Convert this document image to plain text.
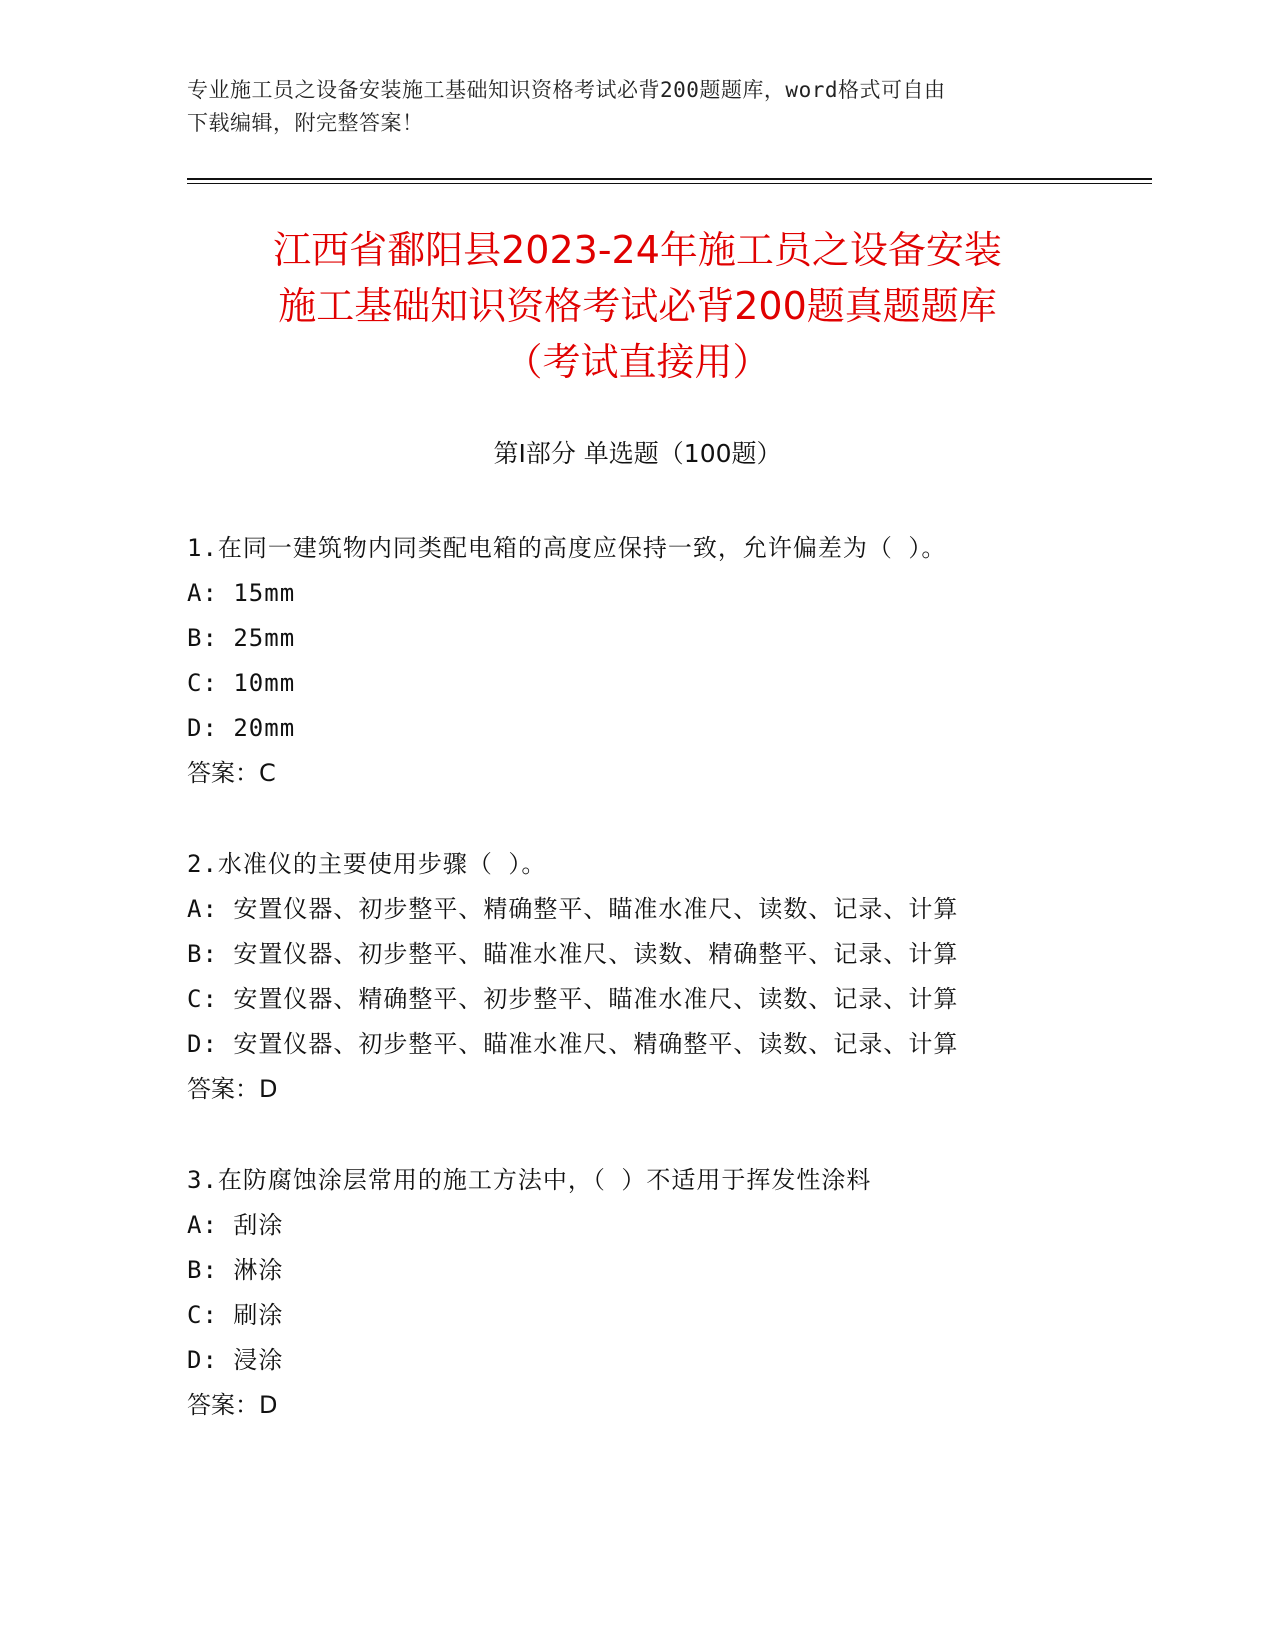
专业施工员之设备安装施工基础知识资格考试必背200题题库，word格式可自由
下载编辑，附完整答案！
江西省鄱阳县2023-24年施工员之设备安装
施工基础知识资格考试必背200题真题题库
（考试直接用）
第I部分 单选题（100题）
1.在同一建筑物内同类配电箱的高度应保持一致，允许偏差为（ ）。
A: 15mm
B: 25mm
C: 10mm
D: 20mm
答案：C
2.水准仪的主要使用步骤（ ）。
A: 安置仪器、初步整平、精确整平、瞄准水准尺、读数、记录、计算
B: 安置仪器、初步整平、瞄准水准尺、读数、精确整平、记录、计算
C: 安置仪器、精确整平、初步整平、瞄准水准尺、读数、记录、计算
D: 安置仪器、初步整平、瞄准水准尺、精确整平、读数、记录、计算
答案：D
3.在防腐蚀涂层常用的施工方法中，（ ）不适用于挥发性涂料
A: 刮涂
B: 淋涂
C: 刷涂
D: 浸涂
答案：D
